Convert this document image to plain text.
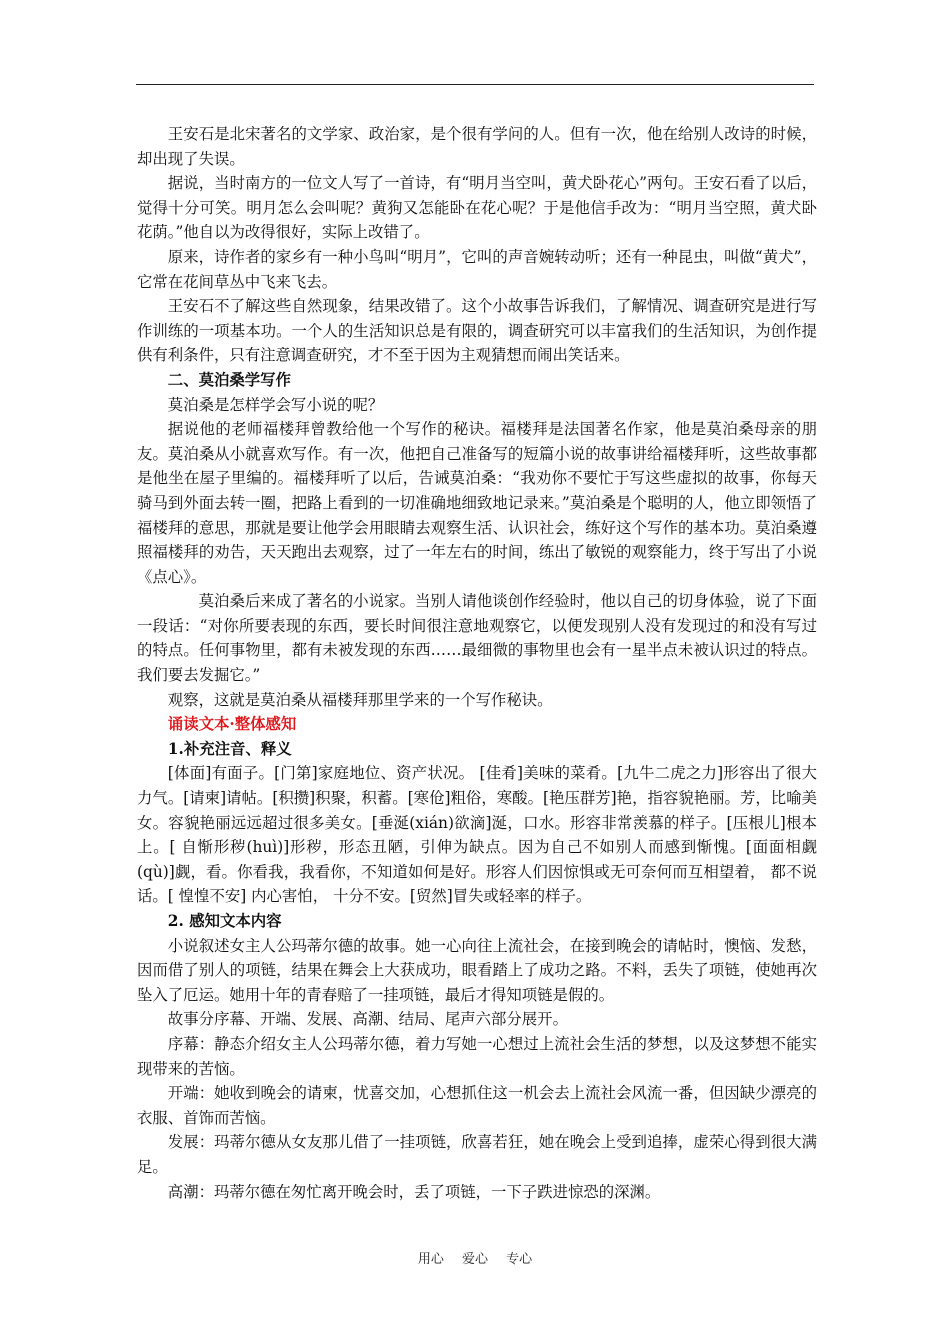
王安石是北宋著名的文学家、政治家，是个很有学问的人。但有一次，他在给别人改诗的时候，却出现了失误。

据说，当时南方的一位文人写了一首诗，有“明月当空叫，黄犬卧花心”两句。王安石看了以后，觉得十分可笑。明月怎么会叫呢？黄狗又怎能卧在花心呢？于是他信手改为：“明月当空照，黄犬卧花荫。”他自以为改得很好，实际上改错了。

原来，诗作者的家乡有一种小鸟叫“明月”，它叫的声音婉转动听；还有一种昆虫，叫做“黄犬”，它常在花间草丛中飞来飞去。

王安石不了解这些自然现象，结果改错了。这个小故事告诉我们，了解情况、调查研究是进行写作训练的一项基本功。一个人的生活知识总是有限的，调查研究可以丰富我们的生活知识，为创作提供有利条件，只有注意调查研究，才不至于因为主观猜想而闹出笑话来。

二、莫泊桑学写作

莫泊桑是怎样学会写小说的呢？

据说他的老师福楼拜曾教给他一个写作的秘诀。福楼拜是法国著名作家，他是莫泊桑母亲的朋友。莫泊桑从小就喜欢写作。有一次，他把自己准备写的短篇小说的故事讲给福楼拜听，这些故事都是他坐在屋子里编的。福楼拜听了以后，告诫莫泊桑：“我劝你不要忙于写这些虚拟的故事，你每天骑马到外面去转一圈，把路上看到的一切准确地细致地记录来。”莫泊桑是个聪明的人，他立即领悟了福楼拜的意思，那就是要让他学会用眼睛去观察生活、认识社会，练好这个写作的基本功。莫泊桑遵照福楼拜的劝告，天天跑出去观察，过了一年左右的时间，练出了敏锐的观察能力，终于写出了小说《点心》。

莫泊桑后来成了著名的小说家。当别人请他谈创作经验时，他以自己的切身体验，说了下面一段话：“对你所要表现的东西，要长时间很注意地观察它，以便发现别人没有发现过的和没有写过的特点。任何事物里，都有未被发现的东西……最细微的事物里也会有一星半点未被认识过的特点。我们要去发掘它。”

观察，这就是莫泊桑从福楼拜那里学来的一个写作秘诀。

诵读文本·整体感知

1.补充注音、释义

[体面]有面子。[门第]家庭地位、资产状况。 [佳肴]美味的菜肴。[九牛二虎之力]形容出了很大力气。[请柬]请帖。[积攒]积聚，积蓄。[寒伧]粗俗，寒酸。[艳压群芳]艳，指容貌艳丽。芳，比喻美女。容貌艳丽远远超过很多美女。[垂涎(xián)欲滴]涎，口水。形容非常羡慕的样子。[压根儿]根本上。[ 自惭形秽(huì)]形秽，形态丑陋，引伸为缺点。因为自己不如别人而感到惭愧。[面面相觑(qù)]觑，看。你看我，我看你，不知道如何是好。形容人们因惊惧或无可奈何而互相望着， 都不说话。[ 惶惶不安] 内心害怕， 十分不安。[贸然]冒失或轻率的样子。

2. 感知文本内容

小说叙述女主人公玛蒂尔德的故事。她一心向往上流社会，在接到晚会的请帖时，懊恼、发愁，因而借了别人的项链，结果在舞会上大获成功，眼看踏上了成功之路。不料，丢失了项链，使她再次坠入了厄运。她用十年的青春赔了一挂项链，最后才得知项链是假的。

故事分序幕、开端、发展、高潮、结局、尾声六部分展开。

序幕：静态介绍女主人公玛蒂尔德，着力写她一心想过上流社会生活的梦想，以及这梦想不能实现带来的苦恼。

开端：她收到晚会的请柬，忧喜交加，心想抓住这一机会去上流社会风流一番，但因缺少漂亮的衣服、首饰而苦恼。

发展：玛蒂尔德从女友那儿借了一挂项链，欣喜若狂，她在晚会上受到追捧，虚荣心得到很大满足。

高潮：玛蒂尔德在匆忙离开晚会时，丢了项链，一下子跌进惊恐的深渊。

用心 爱心 专心
